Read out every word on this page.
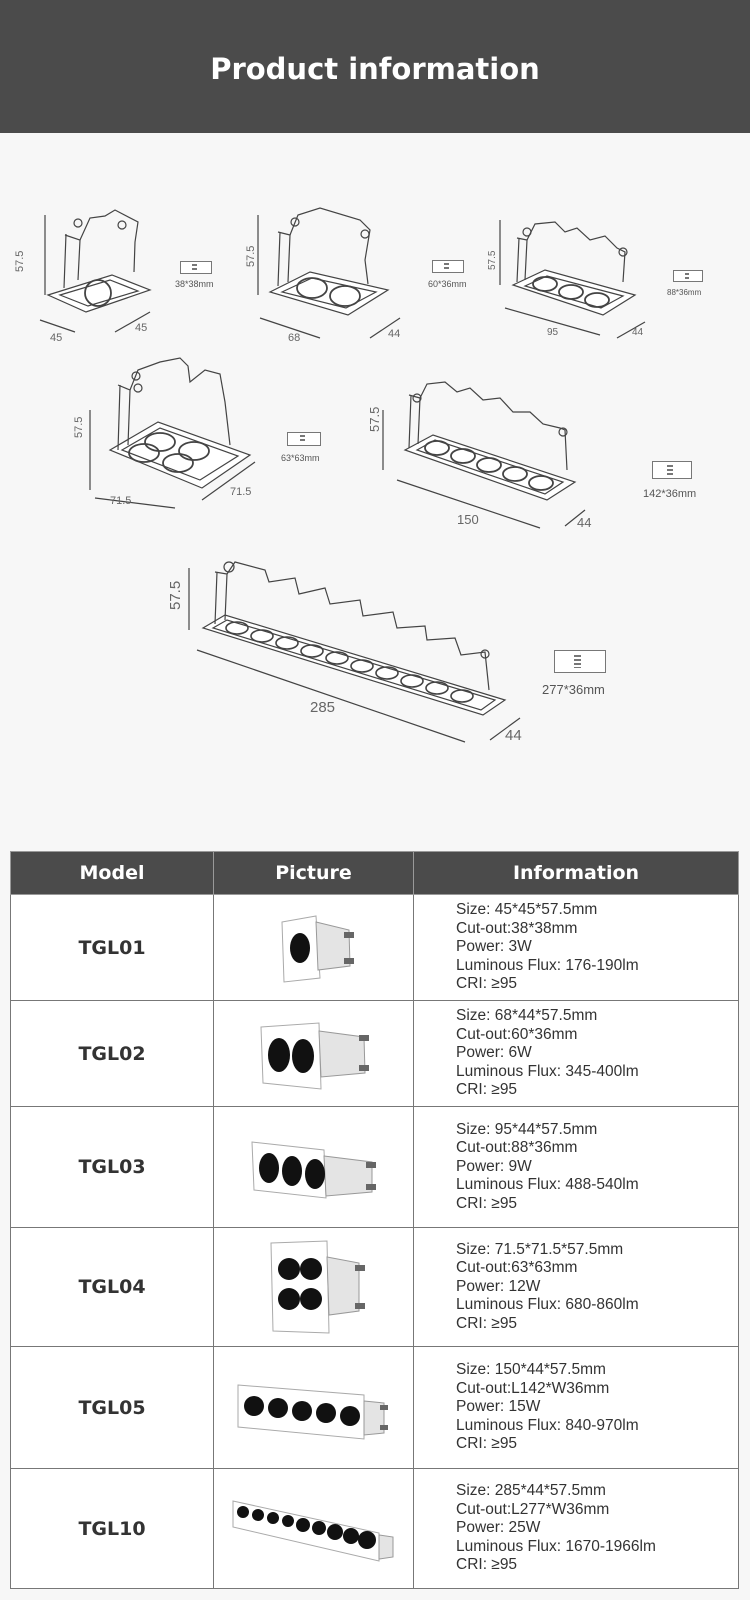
Product information
57.5
45
45
38*38mm
57.5
68	44
60*36mm
57.5
95	44
88*36mm
57.5
71.5
71.5
63*63mm
57.5
150	44
142*36mm
57.5
285
44
277*36mm
Model	Picture	Information
TGL01		Size: 45*45*57.5mm
Cut-out:38*38mm
Power: 3W
Luminous Flux: 176-190lm
CRI: ≥95

TGL02		Size: 68*44*57.5mm
Cut-out:60*36mm
Power: 6W
Luminous Flux: 345-400lm
CRI: ≥95

TGL03		Size: 95*44*57.5mm
Cut-out:88*36mm
Power: 9W
Luminous Flux: 488-540lm
CRI: ≥95

TGL04		Size: 71.5*71.5*57.5mm
Cut-out:63*63mm
Power: 12W
Luminous Flux: 680-860lm
CRI: ≥95

TGL05		Size: 150*44*57.5mm
Cut-out:L142*W36mm
Power: 15W
Luminous Flux: 840-970lm
CRI: ≥95

TGL10		Size: 285*44*57.5mm
Cut-out:L277*W36mm
Power: 25W
Luminous Flux: 1670-1966lm
CRI: ≥95
